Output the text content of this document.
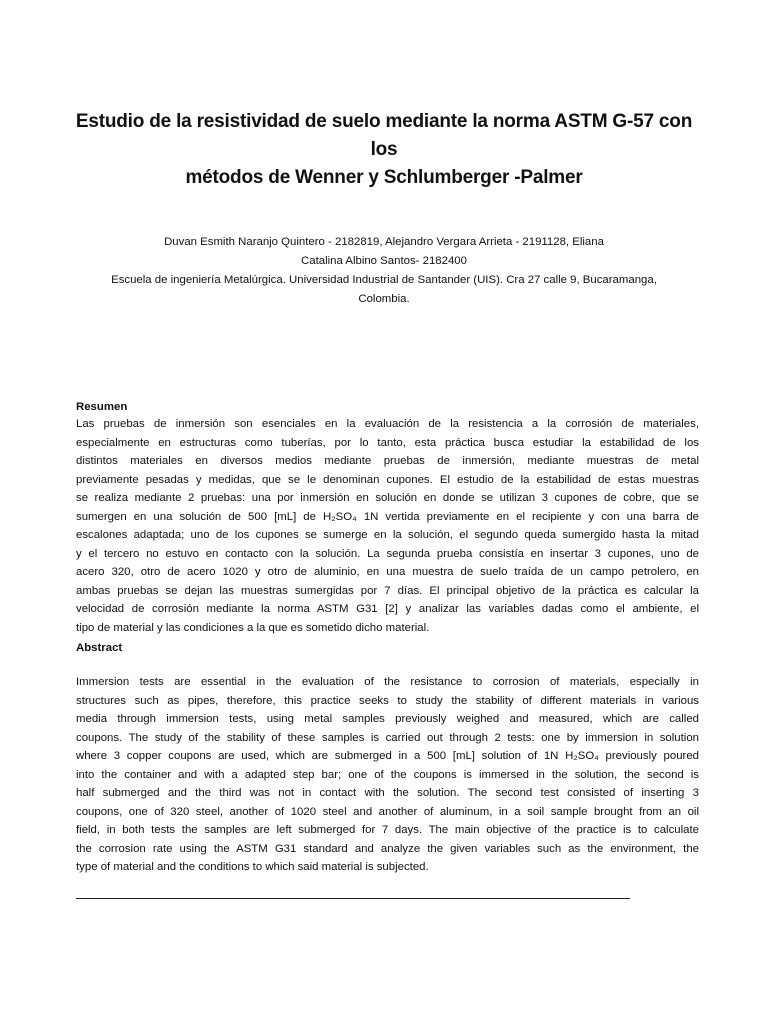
Estudio de la resistividad de suelo mediante la norma ASTM G-57 con los
métodos de Wenner y Schlumberger -Palmer
Duvan Esmith Naranjo Quintero - 2182819, Alejandro Vergara Arrieta - 2191128, Eliana
Catalina Albino Santos- 2182400
Escuela de ingeniería Metalúrgica. Universidad Industrial de Santander (UIS). Cra 27 calle 9, Bucaramanga,
Colombia.
Resumen
Las pruebas de inmersión son esenciales en la evaluación de la resistencia a la corrosión de materiales,
especialmente en estructuras como tuberías, por lo tanto, esta práctica busca estudiar la estabilidad de los
distintos materiales en diversos medios mediante pruebas de inmersión, mediante muestras de metal
previamente pesadas y medidas, que se le denominan cupones. El estudio de la estabilidad de estas muestras
se realiza mediante 2 pruebas: una por inmersión en solución en donde se utilizan 3 cupones de cobre, que se
sumergen en una solución de 500 [mL] de H₂SO₄ 1N vertida previamente en el recipiente y con una barra de
escalones adaptada; uno de los cupones se sumerge en la solución, el segundo queda sumergido hasta la mitad
y el tercero no estuvo en contacto con la solución. La segunda prueba consistía en insertar 3 cupones, uno de
acero 320, otro de acero 1020 y otro de aluminio, en una muestra de suelo traída de un campo petrolero, en
ambas pruebas se dejan las muestras sumergidas por 7 días. El principal objetivo de la práctica es calcular la
velocidad de corrosión mediante la norma ASTM G31 [2] y analizar las variables dadas como el ambiente, el
tipo de material y las condiciones a la que es sometido dicho material.
Abstract
Immersion tests are essential in the evaluation of the resistance to corrosion of materials, especially in
structures such as pipes, therefore, this practice seeks to study the stability of different materials in various
media through immersion tests, using metal samples previously weighed and measured, which are called
coupons. The study of the stability of these samples is carried out through 2 tests: one by immersion in solution
where 3 copper coupons are used, which are submerged in a 500 [mL] solution of 1N H₂SO₄ previously poured
into the container and with a adapted step bar; one of the coupons is immersed in the solution, the second is
half submerged and the third was not in contact with the solution. The second test consisted of inserting 3
coupons, one of 320 steel, another of 1020 steel and another of aluminum, in a soil sample brought from an oil
field, in both tests the samples are left submerged for 7 days. The main objective of the practice is to calculate
the corrosion rate using the ASTM G31 standard and analyze the given variables such as the environment, the
type of material and the conditions to which said material is subjected.
